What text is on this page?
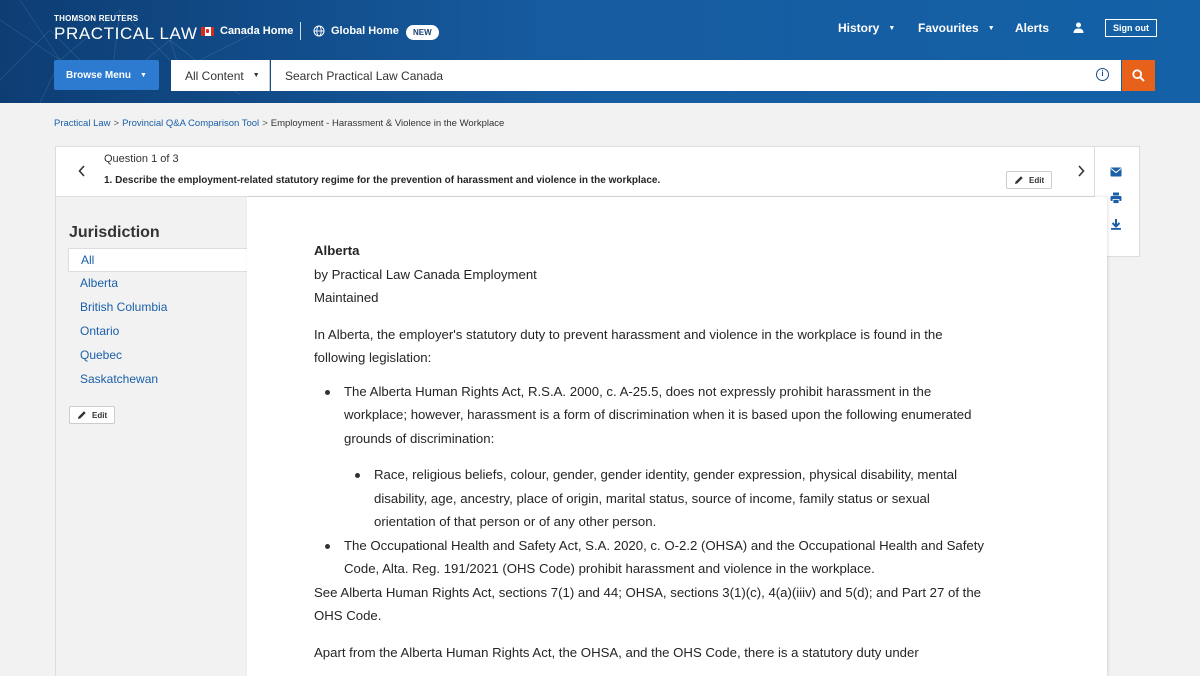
THOMSON REUTERS
PRACTICAL LAW Canada Home	Global Home	NEW	History ▼ Favourites ▼ Alerts	Sign out
Browse Menu ▼	All Content ▼
Search Practical Law Canada	i
Practical Law > Provincial Q&A Comparison Tool > Employment - Harassment & Violence in the Workplace
Question 1 of 3
1. Describe the employment-related statutory regime for the prevention of harassment and violence in the workplace.	Edit
Jurisdiction
All
Alberta
British Columbia
Ontario
Quebec
Saskatchewan
Edit
Alberta

by Practical Law Canada Employment

Maintained

In Alberta, the employer's statutory duty to prevent harassment and violence in the workplace is found in the following legislation:

The Alberta Human Rights Act, R.S.A. 2000, c. A-25.5, does not expressly prohibit harassment in the workplace; however, harassment is a form of discrimination when it is based upon the following enumerated grounds of discrimination:
Race, religious beliefs, colour, gender, gender identity, gender expression, physical disability, mental disability, age, ancestry, place of origin, marital status, source of income, family status or sexual orientation of that person or of any other person.
The Occupational Health and Safety Act, S.A. 2020, c. O-2.2 (OHSA) and the Occupational Health and Safety Code, Alta. Reg. 191/2021 (OHS Code) prohibit harassment and violence in the workplace.

See Alberta Human Rights Act, sections 7(1) and 44; OHSA, sections 3(1)(c), 4(a)(iiiv) and 5(d); and Part 27 of the OHS Code.

Apart from the Alberta Human Rights Act, the OHSA, and the OHS Code, there is a statutory duty under
